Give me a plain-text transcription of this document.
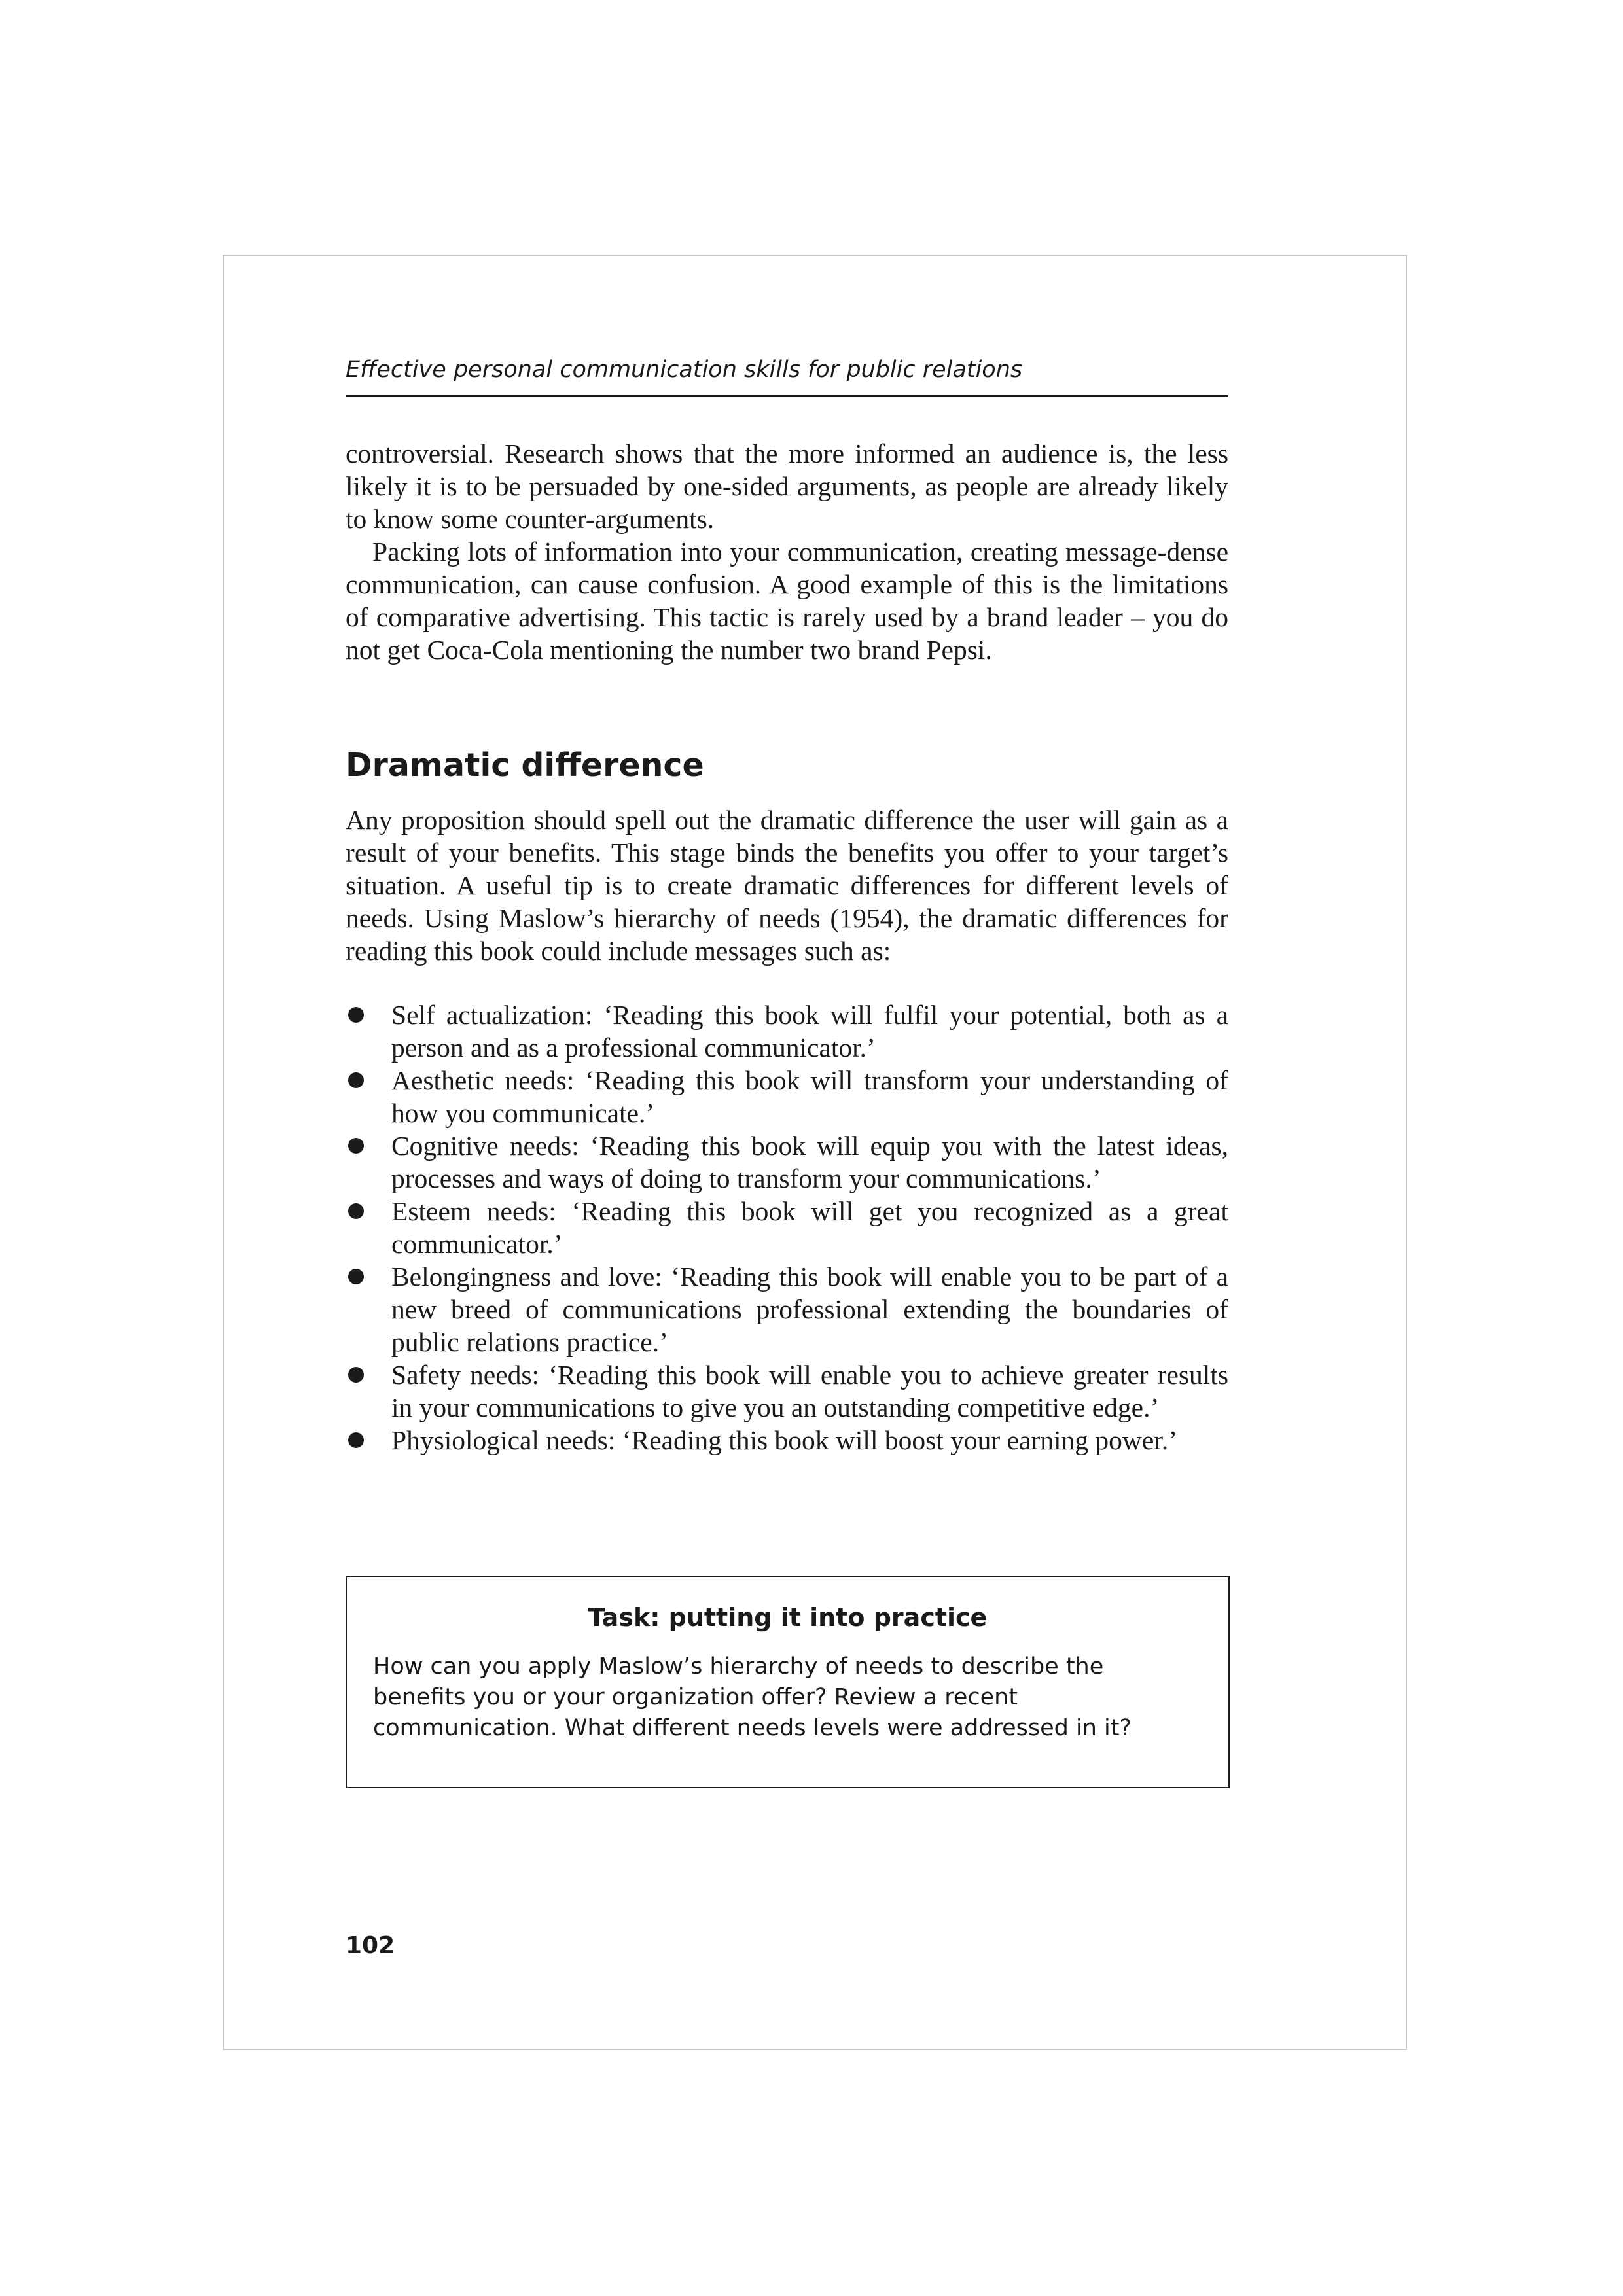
Effective personal communication skills for public relations

controversial. Research shows that the more informed an audience is, the less likely it is to be persuaded by one-sided arguments, as people are already likely to know some counter-arguments.

Packing lots of information into your communication, creating message-dense communication, can cause confusion. A good example of this is the limitations of comparative advertising. This tactic is rarely used by a brand leader – you do not get Coca-Cola mentioning the number two brand Pepsi.

Dramatic difference

Any proposition should spell out the dramatic difference the user will gain as a result of your benefits. This stage binds the benefits you offer to your target’s situation. A useful tip is to create dramatic differences for different levels of needs. Using Maslow’s hierarchy of needs (1954), the dramatic differences for reading this book could include messages such as:

Self actualization: ‘Reading this book will fulfil your potential, both as a person and as a professional communicator.’
Aesthetic needs: ‘Reading this book will transform your understanding of how you communicate.’
Cognitive needs: ‘Reading this book will equip you with the latest ideas, processes and ways of doing to transform your communications.’
Esteem needs: ‘Reading this book will get you recognized as a great communicator.’
Belongingness and love: ‘Reading this book will enable you to be part of a new breed of communications professional extending the boundaries of public relations practice.’
Safety needs: ‘Reading this book will enable you to achieve greater results in your communications to give you an outstanding competitive edge.’
Physiological needs: ‘Reading this book will boost your earning power.’

Task: putting it into practice

How can you apply Maslow’s hierarchy of needs to describe the benefits you or your organization offer? Review a recent communication. What different needs levels were addressed in it?

102
